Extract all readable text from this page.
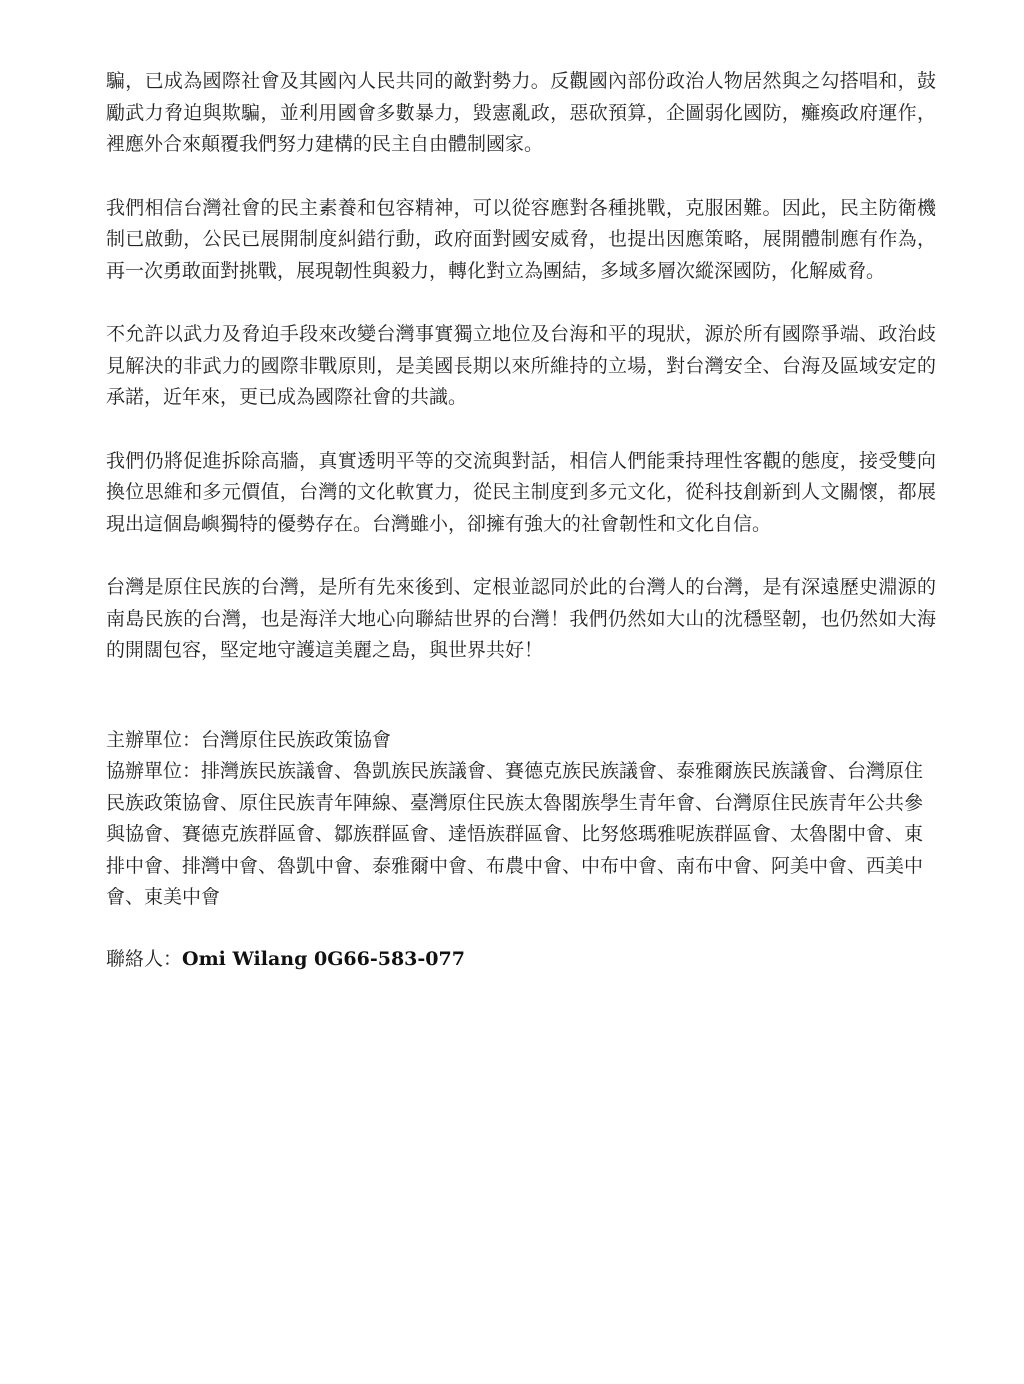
騙，已成為國際社會及其國內人民共同的敵對勢力。反觀國內部份政治人物居然與之勾搭唱和，鼓勵武力脅迫與欺騙，並利用國會多數暴力，毀憲亂政，惡砍預算，企圖弱化國防，癱瘓政府運作，裡應外合來顛覆我們努力建構的民主自由體制國家。

我們相信台灣社會的民主素養和包容精神，可以從容應對各種挑戰，克服困難。因此，民主防衛機制已啟動，公民已展開制度糾錯行動，政府面對國安威脅，也提出因應策略，展開體制應有作為，再一次勇敢面對挑戰，展現韌性與毅力，轉化對立為團結，多域多層次縱深國防，化解威脅。

不允許以武力及脅迫手段來改變台灣事實獨立地位及台海和平的現狀，源於所有國際爭端、政治歧見解決的非武力的國際非戰原則，是美國長期以來所維持的立場，對台灣安全、台海及區域安定的承諾，近年來，更已成為國際社會的共識。

我們仍將促進拆除高牆，真實透明平等的交流與對話，相信人們能秉持理性客觀的態度，接受雙向換位思維和多元價值，台灣的文化軟實力，從民主制度到多元文化，從科技創新到人文關懷，都展現出這個島嶼獨特的優勢存在。台灣雖小，卻擁有強大的社會韌性和文化自信。

台灣是原住民族的台灣，是所有先來後到、定根並認同於此的台灣人的台灣，是有深遠歷史淵源的南島民族的台灣，也是海洋大地心向聯結世界的台灣！我們仍然如大山的沈穩堅韌，也仍然如大海的開闊包容，堅定地守護這美麗之島，與世界共好！

主辦單位：台灣原住民族政策協會

協辦單位：排灣族民族議會、魯凱族民族議會、賽德克族民族議會、泰雅爾族民族議會、台灣原住民族政策協會、原住民族青年陣線、臺灣原住民族太魯閣族學生青年會、台灣原住民族青年公共參與協會、賽德克族群區會、鄒族群區會、達悟族群區會、比努悠瑪雅呢族群區會、太魯閣中會、東排中會、排灣中會、魯凱中會、泰雅爾中會、布農中會、中布中會、南布中會、阿美中會、西美中會、東美中會

聯絡人：Omi Wilang 0G66-583-077
